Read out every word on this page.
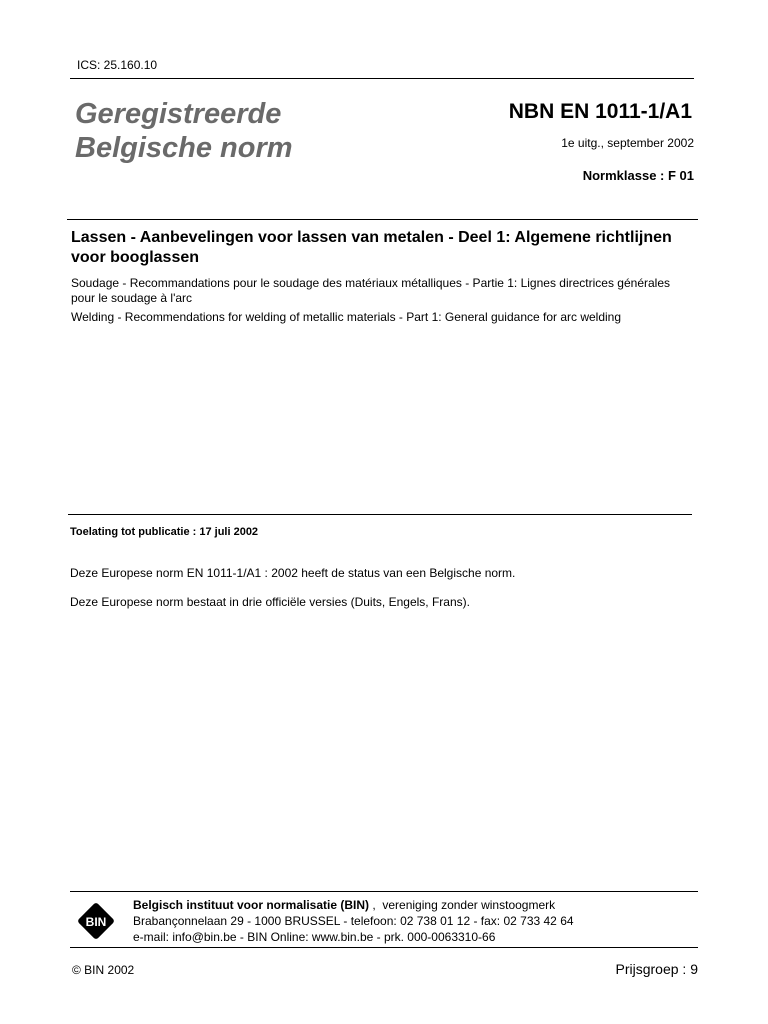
ICS: 25.160.10
Geregistreerde
Belgische norm
NBN EN 1011-1/A1
1e uitg., september 2002
Normklasse : F 01
Lassen - Aanbevelingen voor lassen van metalen - Deel 1: Algemene richtlijnen voor booglassen
Soudage - Recommandations pour le soudage des matériaux métalliques - Partie 1: Lignes directrices générales pour le soudage à l'arc
Welding - Recommendations for welding of metallic materials - Part 1: General guidance for arc welding
Toelating tot publicatie : 17 juli 2002
Deze Europese norm EN 1011-1/A1 : 2002 heeft de status van een Belgische norm.
Deze Europese norm bestaat in drie officiële versies (Duits, Engels, Frans).
BIN
Belgisch instituut voor normalisatie (BIN) ,  vereniging zonder winstoogmerk
Brabançonnelaan 29 - 1000 BRUSSEL - telefoon: 02 738 01 12 - fax: 02 733 42 64
e-mail: info@bin.be - BIN Online: www.bin.be - prk. 000-0063310-66
© BIN 2002	Prijsgroep : 9
